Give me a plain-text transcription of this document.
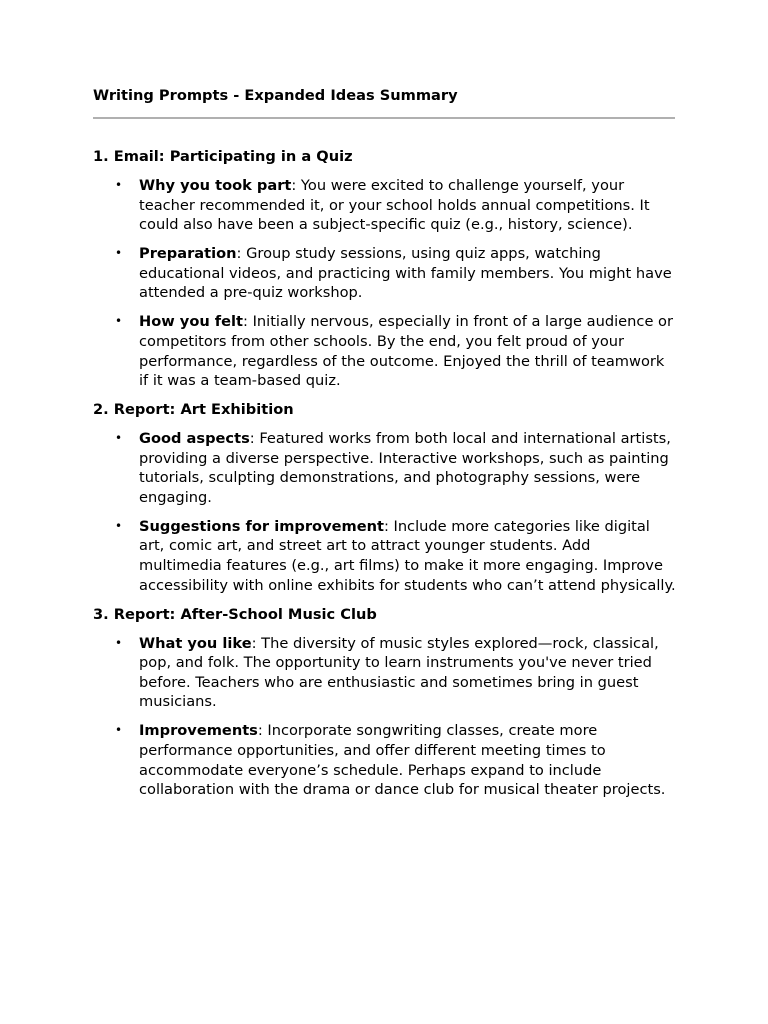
Writing Prompts - Expanded Ideas Summary

1. Email: Participating in a Quiz

• Why you took part: You were excited to challenge yourself, your teacher recommended it, or your school holds annual competitions. It could also have been a subject-specific quiz (e.g., history, science).
• Preparation: Group study sessions, using quiz apps, watching educational videos, and practicing with family members. You might have attended a pre-quiz workshop.
• How you felt: Initially nervous, especially in front of a large audience or competitors from other schools. By the end, you felt proud of your performance, regardless of the outcome. Enjoyed the thrill of teamwork if it was a team-based quiz.

2. Report: Art Exhibition

• Good aspects: Featured works from both local and international artists, providing a diverse perspective. Interactive workshops, such as painting tutorials, sculpting demonstrations, and photography sessions, were engaging.
• Suggestions for improvement: Include more categories like digital art, comic art, and street art to attract younger students. Add multimedia features (e.g., art films) to make it more engaging. Improve accessibility with online exhibits for students who can’t attend physically.

3. Report: After-School Music Club

• What you like: The diversity of music styles explored—rock, classical, pop, and folk. The opportunity to learn instruments you've never tried before. Teachers who are enthusiastic and sometimes bring in guest musicians.
• Improvements: Incorporate songwriting classes, create more performance opportunities, and offer different meeting times to accommodate everyone’s schedule. Perhaps expand to include collaboration with the drama or dance club for musical theater projects.
